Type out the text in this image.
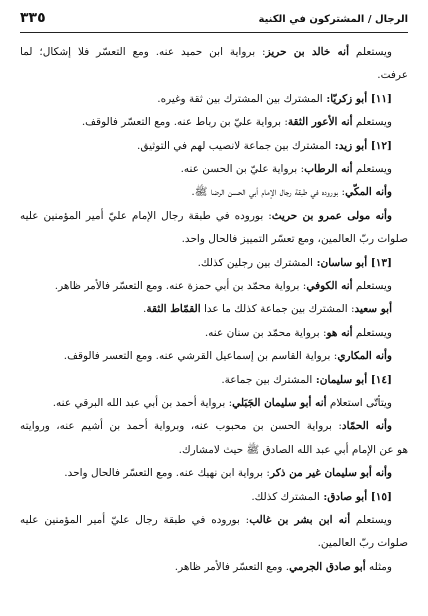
الرجال / المشتركون في الكنية
٣٣٥
ويستعلم أنه خالد بن حريز: برواية ابن حميد عنه. ومع التعسّر فلا إشكال؛ لما
عرفت.
[١١] أبو زكريّا: المشترك بين المشترك بين ثقة وغيره.
ويستعلم أنه الأعور الثقة: برواية عليّ بن رباط عنه. ومع التعسّر فالوقف.
[١٢] أبو زيد: المشترك بين جماعة لانصيب لهم في التوثيق.
ويستعلم أنه الرطاب: برواية عليّ بن الحسن عنه.
وأنه المكّي: بوروده في طبقة رجال الإمام أبي الحسن الرضا ﷺ.
وأنه مولى عمرو بن حريث: بوروده في طبقة رجال الإمام عليّ أمير المؤمنين عليه
صلوات ربّ العالمين، ومع تعسّر التمييز فالحال واحد.
[١٣] أبو ساسان: المشترك بين رجلين كذلك.
ويستعلم أنه الكوفي: برواية محمّد بن أبي حمزة عنه. ومع التعسّر فالأمر ظاهر.
أبو سعيد: المشترك بين جماعة كذلك ما عدا القمّاط الثقة.
ويستعلم أنه هو: برواية محمّد بن سنان عنه.
وأنه المكاري: برواية القاسم بن إسماعيل القرشي عنه. ومع التعسر فالوقف.
[١٤] أبو سليمان: المشترك بين جماعة.
ويتأتّى استعلام أنه أبو سليمان الجَبَلي: برواية أحمد بن أبي عبد الله البرقي عنه.
وأنه الحمّاد: برواية الحسن بن محبوب عنه، وبرواية أحمد بن أشيم عنه، وروايته
هو عن الإمام أبي عبد الله الصادق ﷺ حيث لامشارك.
وأنه أبو سليمان غير من ذكر: برواية ابن نهيك عنه. ومع التعسّر فالحال واحد.
[١٥] أبو صادق: المشترك كذلك.
ويستعلم أنه ابن بشر بن غالب: بوروده في طبقة رجال عليّ أمير المؤمنين عليه
صلوات ربّ العالمين.
ومثله أبو صادق الجرمي. ومع التعسّر فالأمر ظاهر.
